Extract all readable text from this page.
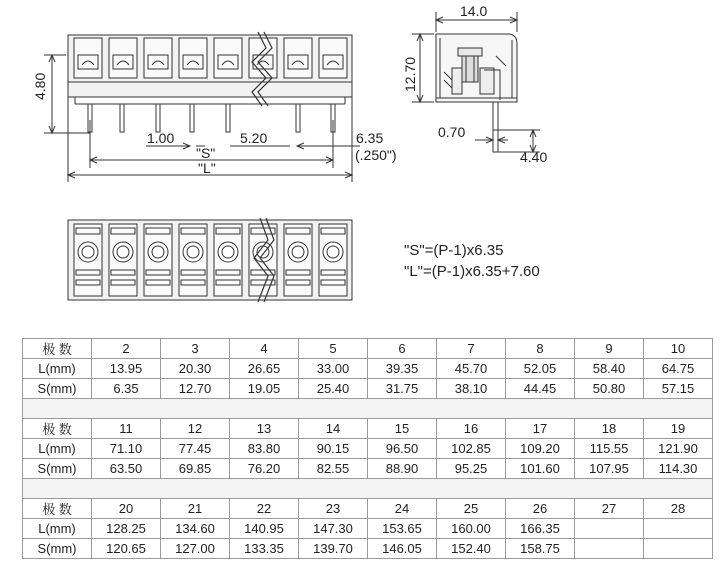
4.80
1.00	5.20	6.35
(.250")
"S"
"L"
14.0
12.70
0.70
4.40
"S"=(P-1)x6.35
"L"=(P-1)x6.35+7.60
极 数	2	3	4	5	6	7	8	9	10
L(mm)	13.95	20.30	26.65	33.00	39.35	45.70	52.05	58.40	64.75
S(mm)	6.35	12.70	19.05	25.40	31.75	38.10	44.45	50.80	57.15

极 数	11	12	13	14	15	16	17	18	19
L(mm)	71.10	77.45	83.80	90.15	96.50	102.85	109.20	115.55	121.90
S(mm)	63.50	69.85	76.20	82.55	88.90	95.25	101.60	107.95	114.30

极 数	20	21	22	23	24	25	26	27	28
L(mm)	128.25	134.60	140.95	147.30	153.65	160.00	166.35		
S(mm)	120.65	127.00	133.35	139.70	146.05	152.40	158.75		
